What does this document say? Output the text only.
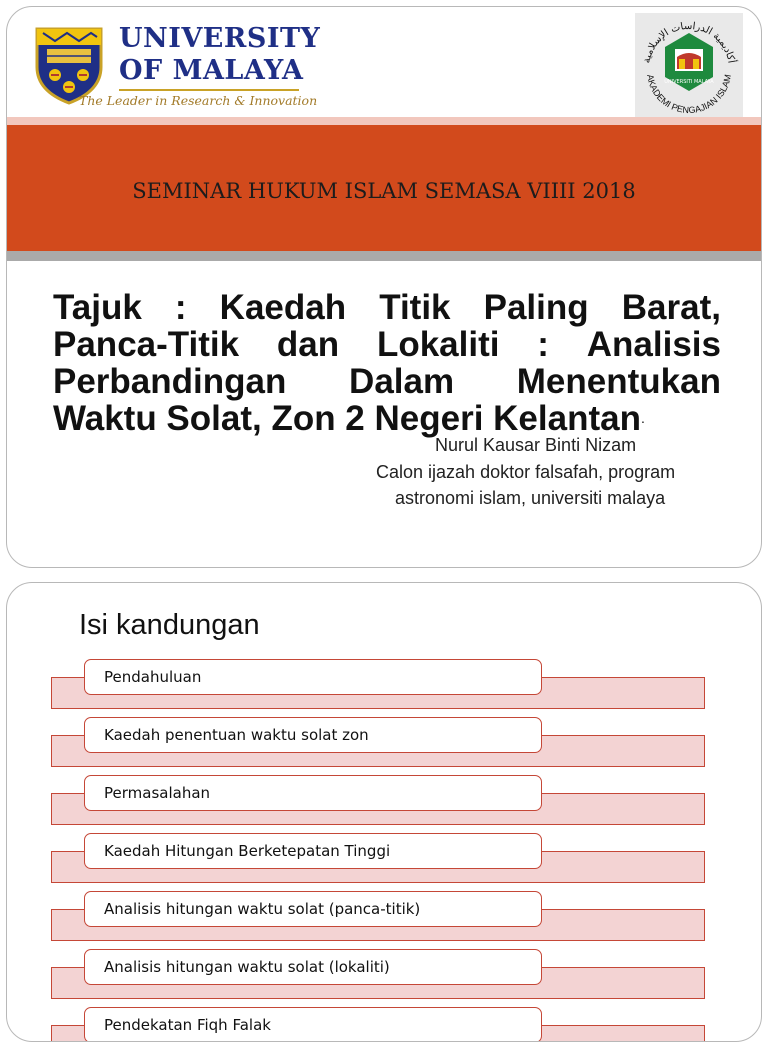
UNIVERSITY
OF MALAYA
The Leader in Research & Innovation
أكاديمية الدراسات الإسلامية
AKADEMI PENGAJIAN ISLAM
UNIVERSITI MALAYA
SEMINAR HUKUM ISLAM SEMASA VIIII 2018
Tajuk : Kaedah Titik Paling Barat,
Panca-Titik dan Lokaliti : Analisis
Perbandingan Dalam Menentukan
Waktu Solat, Zon 2 Negeri Kelantan .
Nurul Kausar Binti Nizam
Calon ijazah doktor falsafah, program
astronomi islam, universiti malaya
Isi kandungan
Pendahuluan
Kaedah penentuan waktu solat zon
Permasalahan
Kaedah Hitungan Berketepatan Tinggi
Analisis hitungan waktu solat (panca-titik)
Analisis hitungan waktu solat (lokaliti)
Pendekatan Fiqh Falak
